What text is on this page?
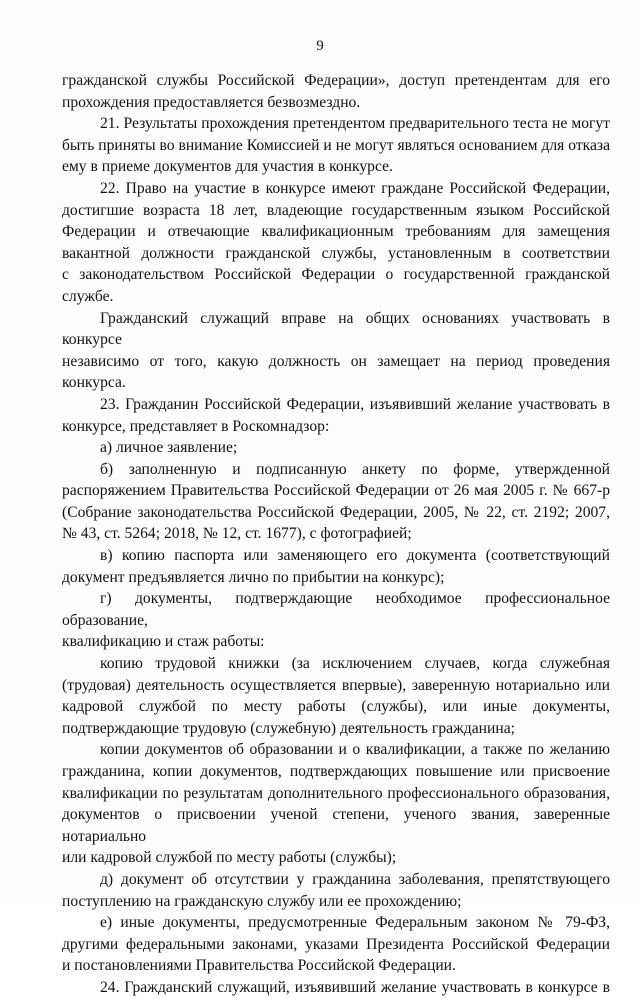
9
гражданской службы Российской Федерации», доступ претендентам для его
прохождения предоставляется безвозмездно.
21. Результаты прохождения претендентом предварительного теста не могут
быть приняты во внимание Комиссией и не могут являться основанием для отказа
ему в приеме документов для участия в конкурсе.
22. Право на участие в конкурсе имеют граждане Российской Федерации,
достигшие возраста 18 лет, владеющие государственным языком Российской
Федерации и отвечающие квалификационным требованиям для замещения
вакантной должности гражданской службы, установленным в соответствии
с законодательством Российской Федерации о государственной гражданской
службе.
Гражданский служащий вправе на общих основаниях участвовать в конкурсе
независимо от того, какую должность он замещает на период проведения конкурса.
23. Гражданин Российской Федерации, изъявивший желание участвовать в
конкурсе, представляет в Роскомнадзор:
а) личное заявление;
б) заполненную и подписанную анкету по форме, утвержденной
распоряжением Правительства Российской Федерации от 26 мая 2005 г. № 667-р
(Собрание законодательства Российской Федерации, 2005, № 22, ст. 2192; 2007,
№ 43, ст. 5264; 2018, № 12, ст. 1677), с фотографией;
в) копию паспорта или заменяющего его документа (соответствующий
документ предъявляется лично по прибытии на конкурс);
г) документы, подтверждающие необходимое профессиональное образование,
квалификацию и стаж работы:
копию трудовой книжки (за исключением случаев, когда служебная
(трудовая) деятельность осуществляется впервые), заверенную нотариально или
кадровой службой по месту работы (службы), или иные документы,
подтверждающие трудовую (служебную) деятельность гражданина;
копии документов об образовании и о квалификации, а также по желанию
гражданина, копии документов, подтверждающих повышение или присвоение
квалификации по результатам дополнительного профессионального образования,
документов о присвоении ученой степени, ученого звания, заверенные нотариально
или кадровой службой по месту работы (службы);
д) документ об отсутствии у гражданина заболевания, препятствующего
поступлению на гражданскую службу или ее прохождению;
е) иные документы, предусмотренные Федеральным законом № 79-ФЗ,
другими федеральными законами, указами Президента Российской Федерации
и постановлениями Правительства Российской Федерации.
24. Гражданский служащий, изъявивший желание участвовать в конкурсе в
